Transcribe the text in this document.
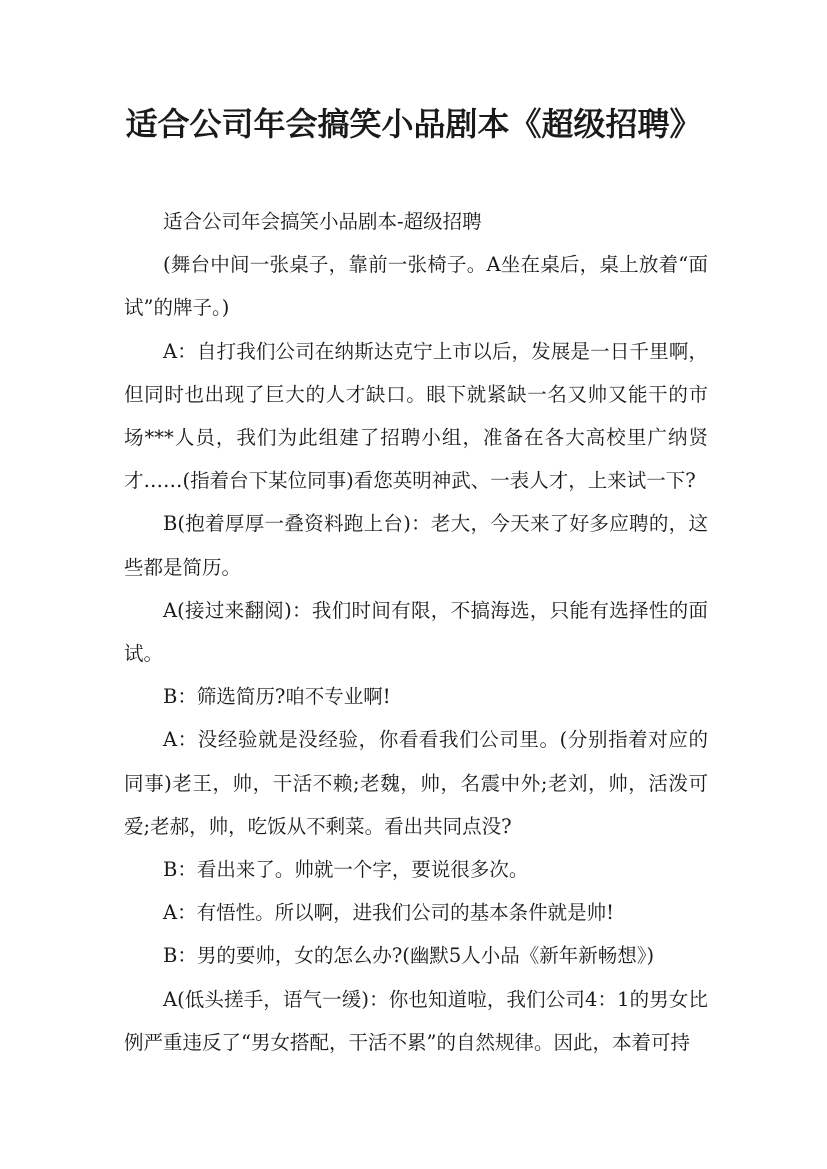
适合公司年会搞笑小品剧本《超级招聘》

适合公司年会搞笑小品剧本-超级招聘

(舞台中间一张桌子，靠前一张椅子。A坐在桌后，桌上放着“面试”的牌子。)

A：自打我们公司在纳斯达克宁上市以后，发展是一日千里啊，但同时也出现了巨大的人才缺口。眼下就紧缺一名又帅又能干的市场***人员，我们为此组建了招聘小组，准备在各大高校里广纳贤才……(指着台下某位同事)看您英明神武、一表人才，上来试一下?

B(抱着厚厚一叠资料跑上台)：老大，今天来了好多应聘的，这些都是简历。

A(接过来翻阅)：我们时间有限，不搞海选，只能有选择性的面试。

B：筛选简历?咱不专业啊!

A：没经验就是没经验，你看看我们公司里。(分别指着对应的同事)老王，帅，干活不赖;老魏，帅，名震中外;老刘，帅，活泼可爱;老郝，帅，吃饭从不剩菜。看出共同点没?

B：看出来了。帅就一个字，要说很多次。

A：有悟性。所以啊，进我们公司的基本条件就是帅!

B：男的要帅，女的怎么办?(幽默5人小品《新年新畅想》)

A(低头搓手，语气一缓)：你也知道啦，我们公司4：1的男女比例严重违反了“男女搭配，干活不累”的自然规律。因此，本着可持
